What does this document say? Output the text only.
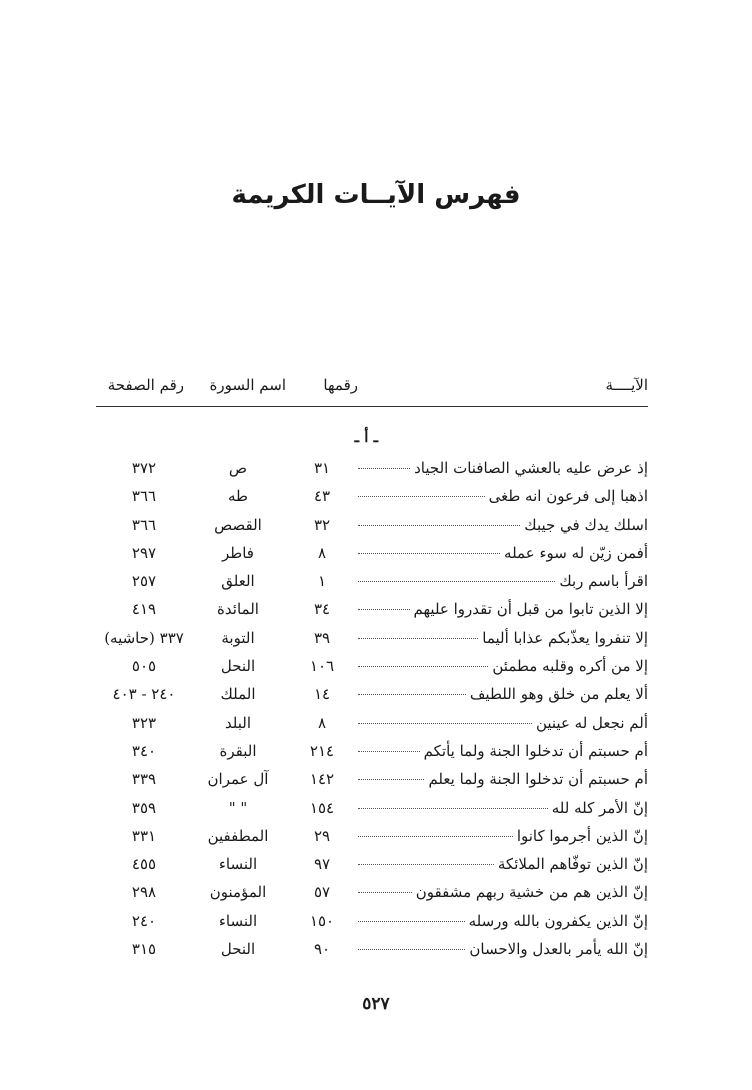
فهرس الآيــات الكريمة
الآيــــة
رقمها
اسم السورة
رقم الصفحة
ـ أ ـ
إذ عرض عليه بالعشي الصافنات الجياد
٣١
ص
٣٧٢
اذهبا إلى فرعون انه طغى
٤٣
طه
٣٦٦
اسلك يدك في جيبك
٣٢
القصص
٣٦٦
أفمن زيّن له سوء عمله
٨
فاطر
٢٩٧
اقرأ باسم ربك
١
العلق
٢٥٧
إلا الذين تابوا من قبل أن تقدروا عليهم
٣٤
المائدة
٤١٩
إلا تنفروا يعذّبكم عذابا أليما
٣٩
التوبة
٣٣٧ (حاشيه)
إلا من أكره وقلبه مطمئن
١٠٦
النحل
٥٠٥
ألا يعلم من خلق وهو اللطيف
١٤
الملك
٢٤٠ - ٤٠٣
ألم نجعل له عينين
٨
البلد
٣٢٣
أم حسبتم أن تدخلوا الجنة ولما يأتكم
٢١٤
البقرة
٣٤٠
أم حسبتم أن تدخلوا الجنة ولما يعلم
١٤٢
آل عمران
٣٣٩
إنّ الأمر كله لله
١٥٤
" "
٣٥٩
إنّ الذين أجرموا كانوا
٢٩
المطففين
٣٣١
إنّ الذين توفّاهم الملائكة
٩٧
النساء
٤٥٥
إنّ الذين هم من خشية ربهم مشفقون
٥٧
المؤمنون
٢٩٨
إنّ الذين يكفرون بالله ورسله
١٥٠
النساء
٢٤٠
إنّ الله يأمر بالعدل والاحسان
٩٠
النحل
٣١٥
٥٢٧
